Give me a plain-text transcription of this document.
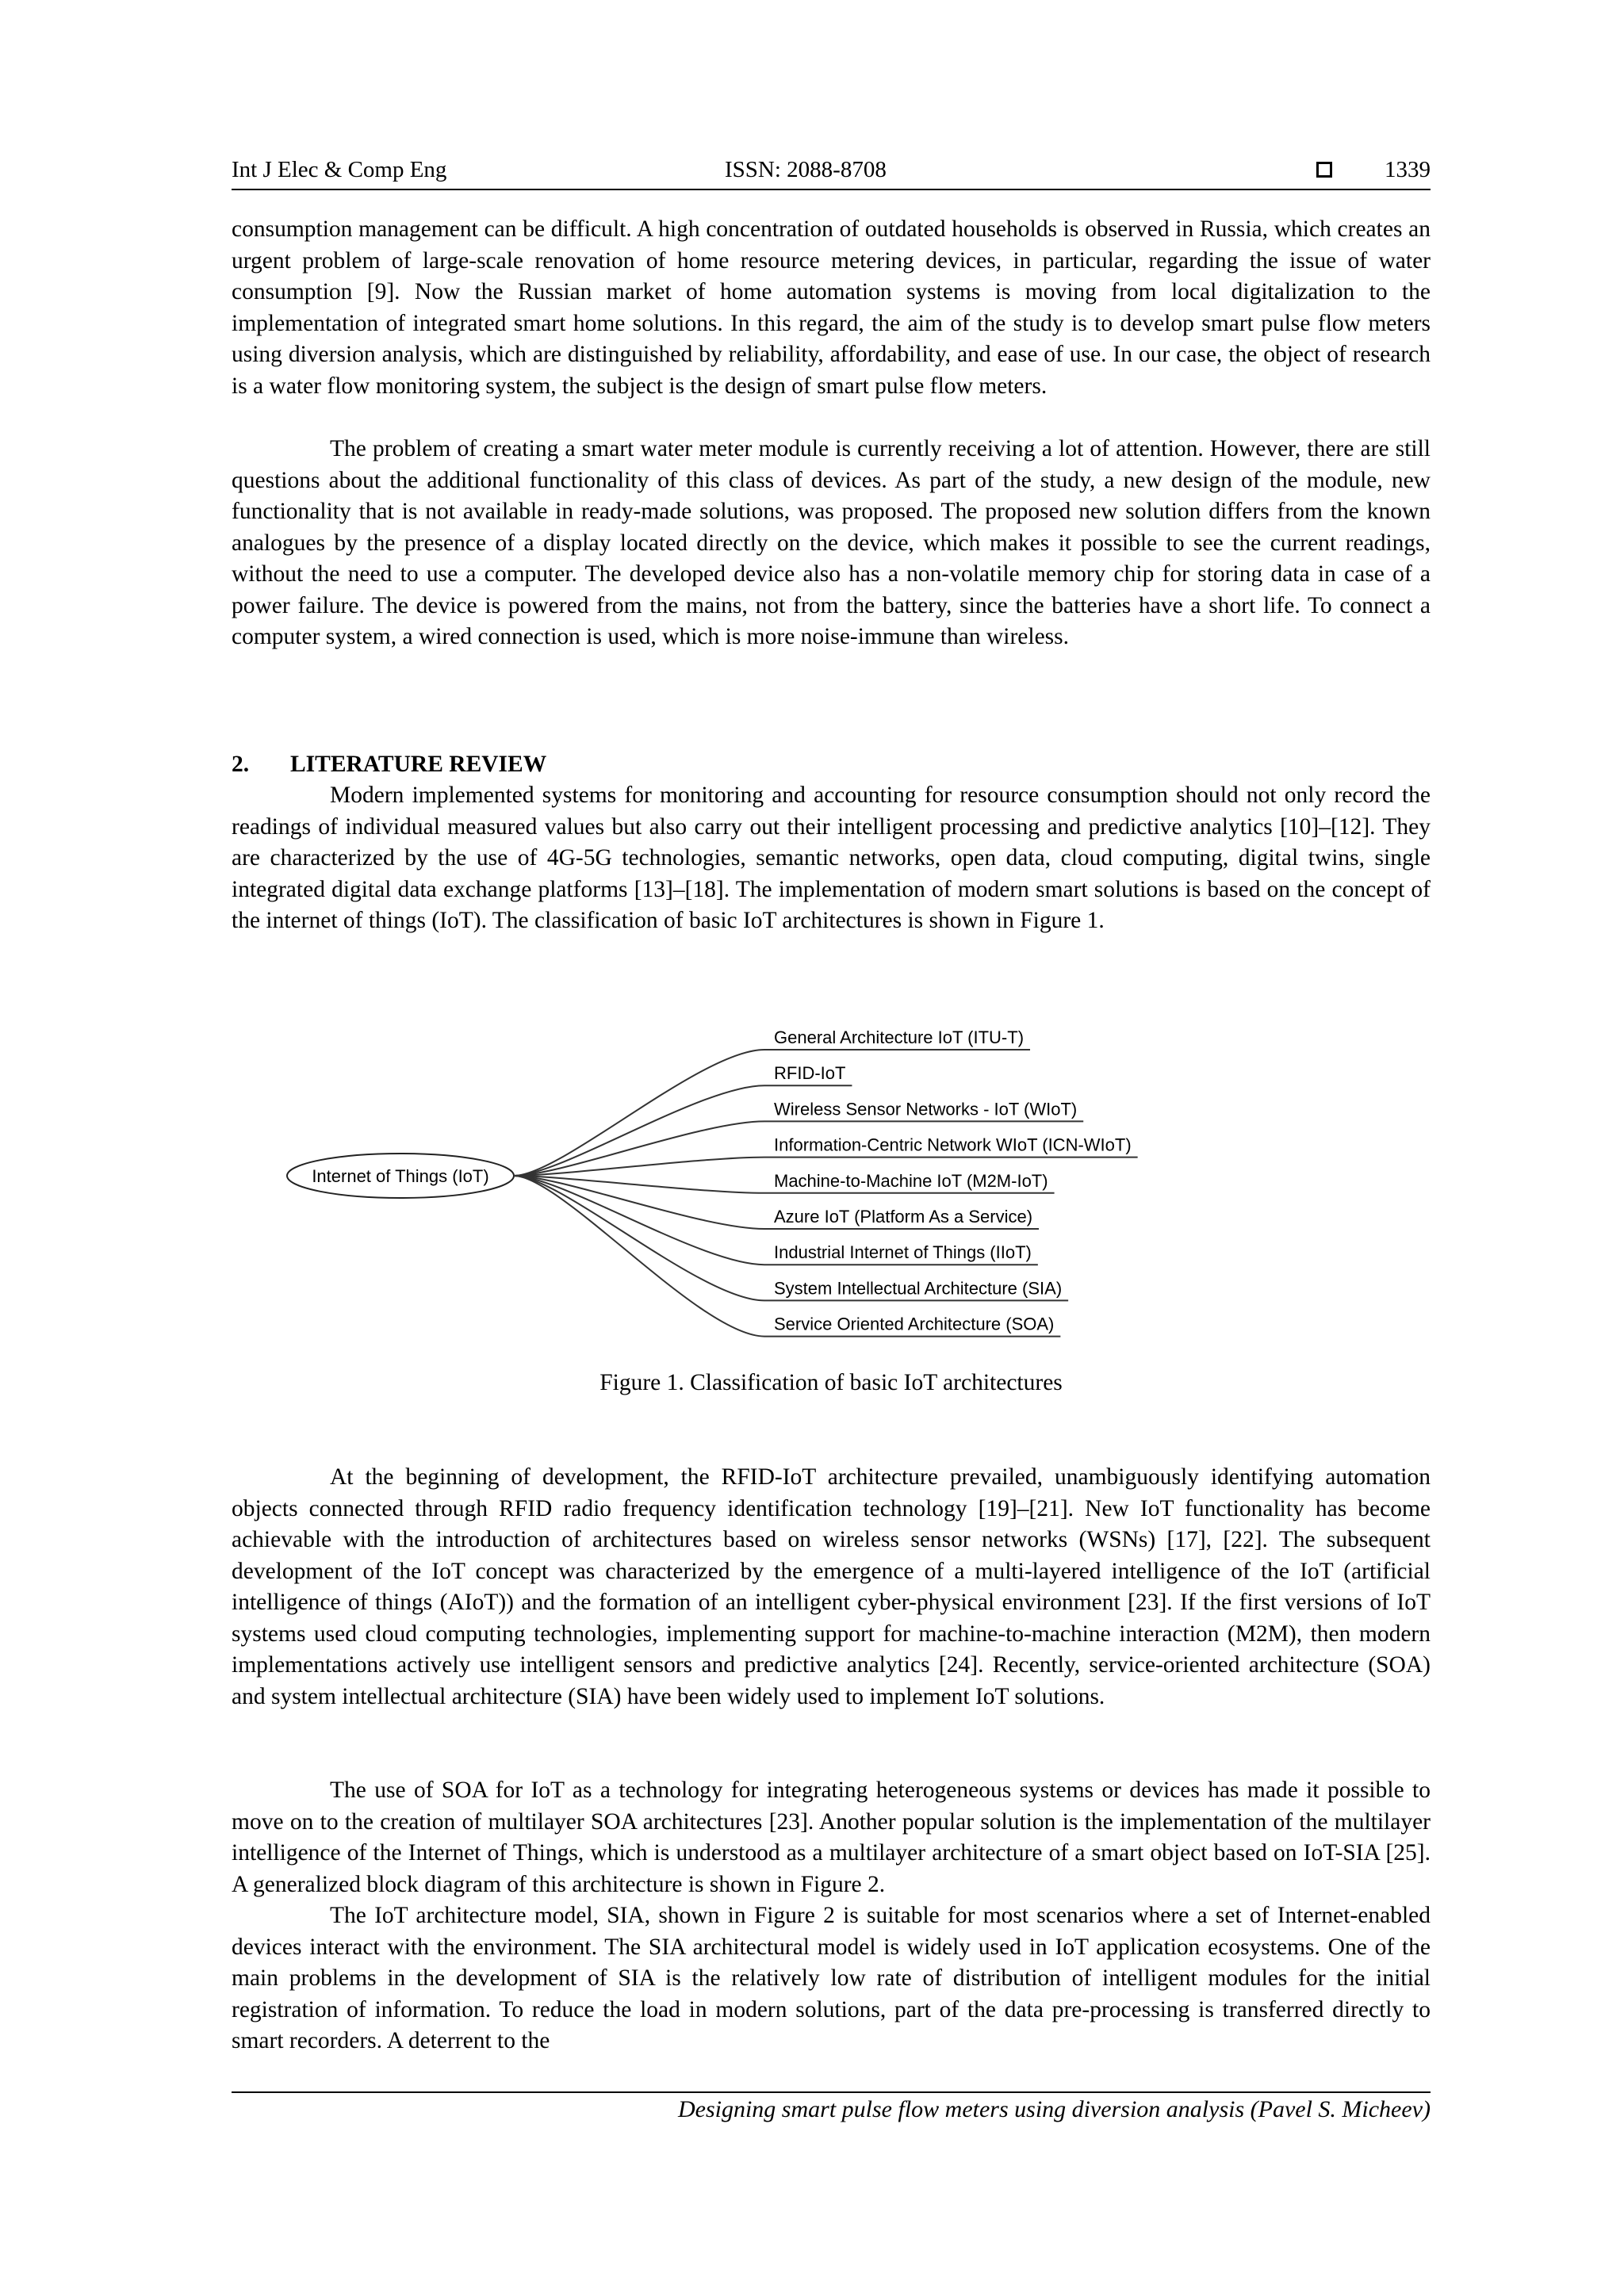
Int J Elec & Comp Eng	ISSN: 2088-8708	1339

consumption management can be difficult. A high concentration of outdated households is observed in Russia, which creates an urgent problem of large-scale renovation of home resource metering devices, in particular, regarding the issue of water consumption [9]. Now the Russian market of home automation systems is moving from local digitalization to the implementation of integrated smart home solutions. In this regard, the aim of the study is to develop smart pulse flow meters using diversion analysis, which are distinguished by reliability, affordability, and ease of use. In our case, the object of research is a water flow monitoring system, the subject is the design of smart pulse flow meters.

The problem of creating a smart water meter module is currently receiving a lot of attention. However, there are still questions about the additional functionality of this class of devices. As part of the study, a new design of the module, new functionality that is not available in ready-made solutions, was proposed. The proposed new solution differs from the known analogues by the presence of a display located directly on the device, which makes it possible to see the current readings, without the need to use a computer. The developed device also has a non-volatile memory chip for storing data in case of a power failure. The device is powered from the mains, not from the battery, since the batteries have a short life. To connect a computer system, a wired connection is used, which is more noise-immune than wireless.

2. LITERATURE REVIEW

Modern implemented systems for monitoring and accounting for resource consumption should not only record the readings of individual measured values but also carry out their intelligent processing and predictive analytics [10]–[12]. They are characterized by the use of 4G-5G technologies, semantic networks, open data, cloud computing, digital twins, single integrated digital data exchange platforms [13]–[18]. The implementation of modern smart solutions is based on the concept of the internet of things (IoT). The classification of basic IoT architectures is shown in Figure 1.

Internet of Things (IoT)
General Architecture IoT (ITU-T)
RFID-IoT
Wireless Sensor Networks - IoT (WIoT)
Information-Centric Network WIoT (ICN-WIoT)
Machine-to-Machine IoT (M2M-IoT)
Azure IoT (Platform As a Service)
Industrial Internet of Things (IIoT)
System Intellectual Architecture (SIA)
Service Oriented Architecture (SOA)
Figure 1. Classification of basic IoT architectures

At the beginning of development, the RFID-IoT architecture prevailed, unambiguously identifying automation objects connected through RFID radio frequency identification technology [19]–[21]. New IoT functionality has become achievable with the introduction of architectures based on wireless sensor networks (WSNs) [17], [22]. The subsequent development of the IoT concept was characterized by the emergence of a multi-layered intelligence of the IoT (artificial intelligence of things (AIoT)) and the formation of an intelligent cyber-physical environment [23]. If the first versions of IoT systems used cloud computing technologies, implementing support for machine-to-machine interaction (M2M), then modern implementations actively use intelligent sensors and predictive analytics [24]. Recently, service-oriented architecture (SOA) and system intellectual architecture (SIA) have been widely used to implement IoT solutions.

The use of SOA for IoT as a technology for integrating heterogeneous systems or devices has made it possible to move on to the creation of multilayer SOA architectures [23]. Another popular solution is the implementation of the multilayer intelligence of the Internet of Things, which is understood as a multilayer architecture of a smart object based on IoT-SIA [25]. A generalized block diagram of this architecture is shown in Figure 2.

The IoT architecture model, SIA, shown in Figure 2 is suitable for most scenarios where a set of Internet-enabled devices interact with the environment. The SIA architectural model is widely used in IoT application ecosystems. One of the main problems in the development of SIA is the relatively low rate of distribution of intelligent modules for the initial registration of information. To reduce the load in modern solutions, part of the data pre-processing is transferred directly to smart recorders. A deterrent to the

Designing smart pulse flow meters using diversion analysis (Pavel S. Micheev)
